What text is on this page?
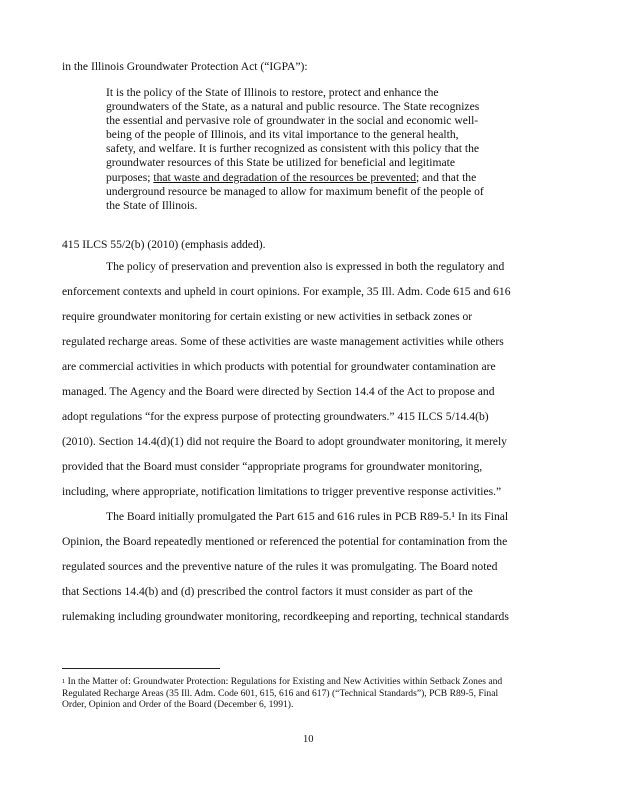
in the Illinois Groundwater Protection Act (“IGPA”):
It is the policy of the State of Illinois to restore, protect and enhance the
groundwaters of the State, as a natural and public resource. The State recognizes
the essential and pervasive role of groundwater in the social and economic well-
being of the people of Illinois, and its vital importance to the general health,
safety, and welfare. It is further recognized as consistent with this policy that the
groundwater resources of this State be utilized for beneficial and legitimate
purposes; that waste and degradation of the resources be prevented; and that the
underground resource be managed to allow for maximum benefit of the people of
the State of Illinois.
415 ILCS 55/2(b) (2010) (emphasis added).
The policy of preservation and prevention also is expressed in both the regulatory and
enforcement contexts and upheld in court opinions. For example, 35 Ill. Adm. Code 615 and 616
require groundwater monitoring for certain existing or new activities in setback zones or
regulated recharge areas. Some of these activities are waste management activities while others
are commercial activities in which products with potential for groundwater contamination are
managed. The Agency and the Board were directed by Section 14.4 of the Act to propose and
adopt regulations “for the express purpose of protecting groundwaters.” 415 ILCS 5/14.4(b)
(2010). Section 14.4(d)(1) did not require the Board to adopt groundwater monitoring, it merely
provided that the Board must consider “appropriate programs for groundwater monitoring,
including, where appropriate, notification limitations to trigger preventive response activities.”
The Board initially promulgated the Part 615 and 616 rules in PCB R89-5.¹ In its Final
Opinion, the Board repeatedly mentioned or referenced the potential for contamination from the
regulated sources and the preventive nature of the rules it was promulgating. The Board noted
that Sections 14.4(b) and (d) prescribed the control factors it must consider as part of the
rulemaking including groundwater monitoring, recordkeeping and reporting, technical standards
$^1$ In the Matter of: Groundwater Protection: Regulations for Existing and New Activities within Setback Zones and
Regulated Recharge Areas (35 Ill. Adm. Code 601, 615, 616 and 617) (“Technical Standards”), PCB R89-5, Final
Order, Opinion and Order of the Board (December 6, 1991).
10
